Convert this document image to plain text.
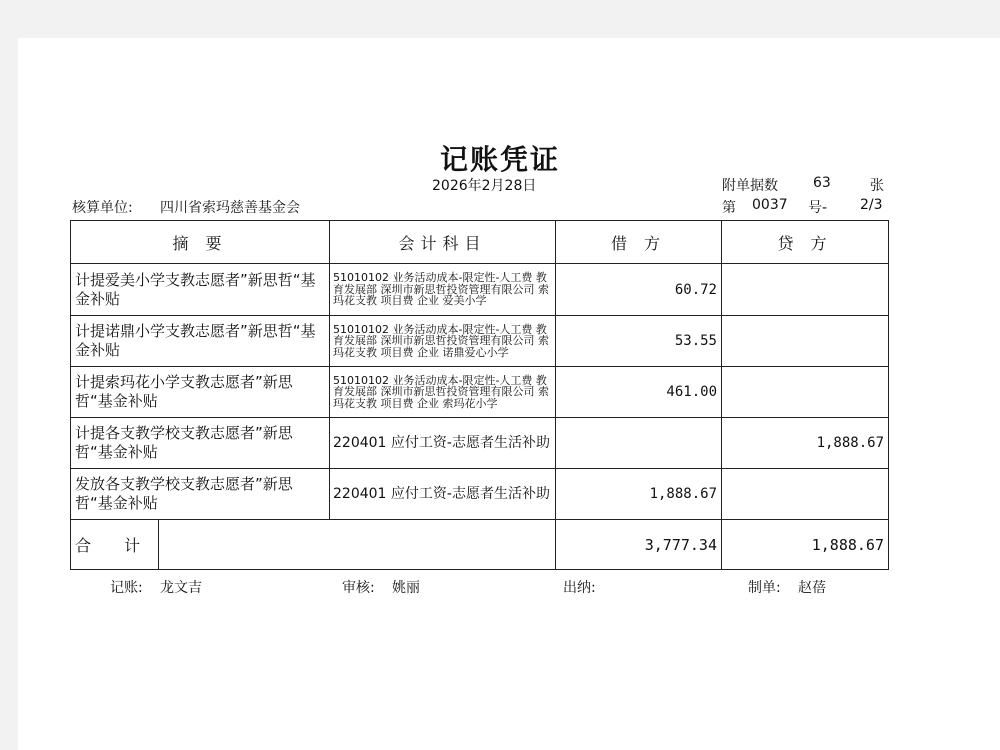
记账凭证
2026年2月28日	附单据数	63	张
核算单位: 四川省索玛慈善基金会	第 0037 号- 2/3
摘 要		会计科目	借 方	贷 方
计提爱美小学支教志愿者”新思哲“基金补贴		51010102 业务活动成本-限定性-人工费 教育发展部 深圳市新思哲投资管理有限公司 索玛花支教 项目费 企业 爱美小学	60.72	
计提诺鼎小学支教志愿者”新思哲“基金补贴		51010102 业务活动成本-限定性-人工费 教育发展部 深圳市新思哲投资管理有限公司 索玛花支教 项目费 企业 诺鼎爱心小学	53.55	
计提索玛花小学支教志愿者”新思哲“基金补贴		51010102 业务活动成本-限定性-人工费 教育发展部 深圳市新思哲投资管理有限公司 索玛花支教 项目费 企业 索玛花小学	461.00	
计提各支教学校支教志愿者”新思哲“基金补贴		220401 应付工资-志愿者生活补助		1,888.67
发放各支教学校支教志愿者”新思哲“基金补贴		220401 应付工资-志愿者生活补助	1,888.67	
合 计			3,777.34	1,888.67
记账: 龙文吉	审核: 姚丽	出纳:	制单: 赵蓓
